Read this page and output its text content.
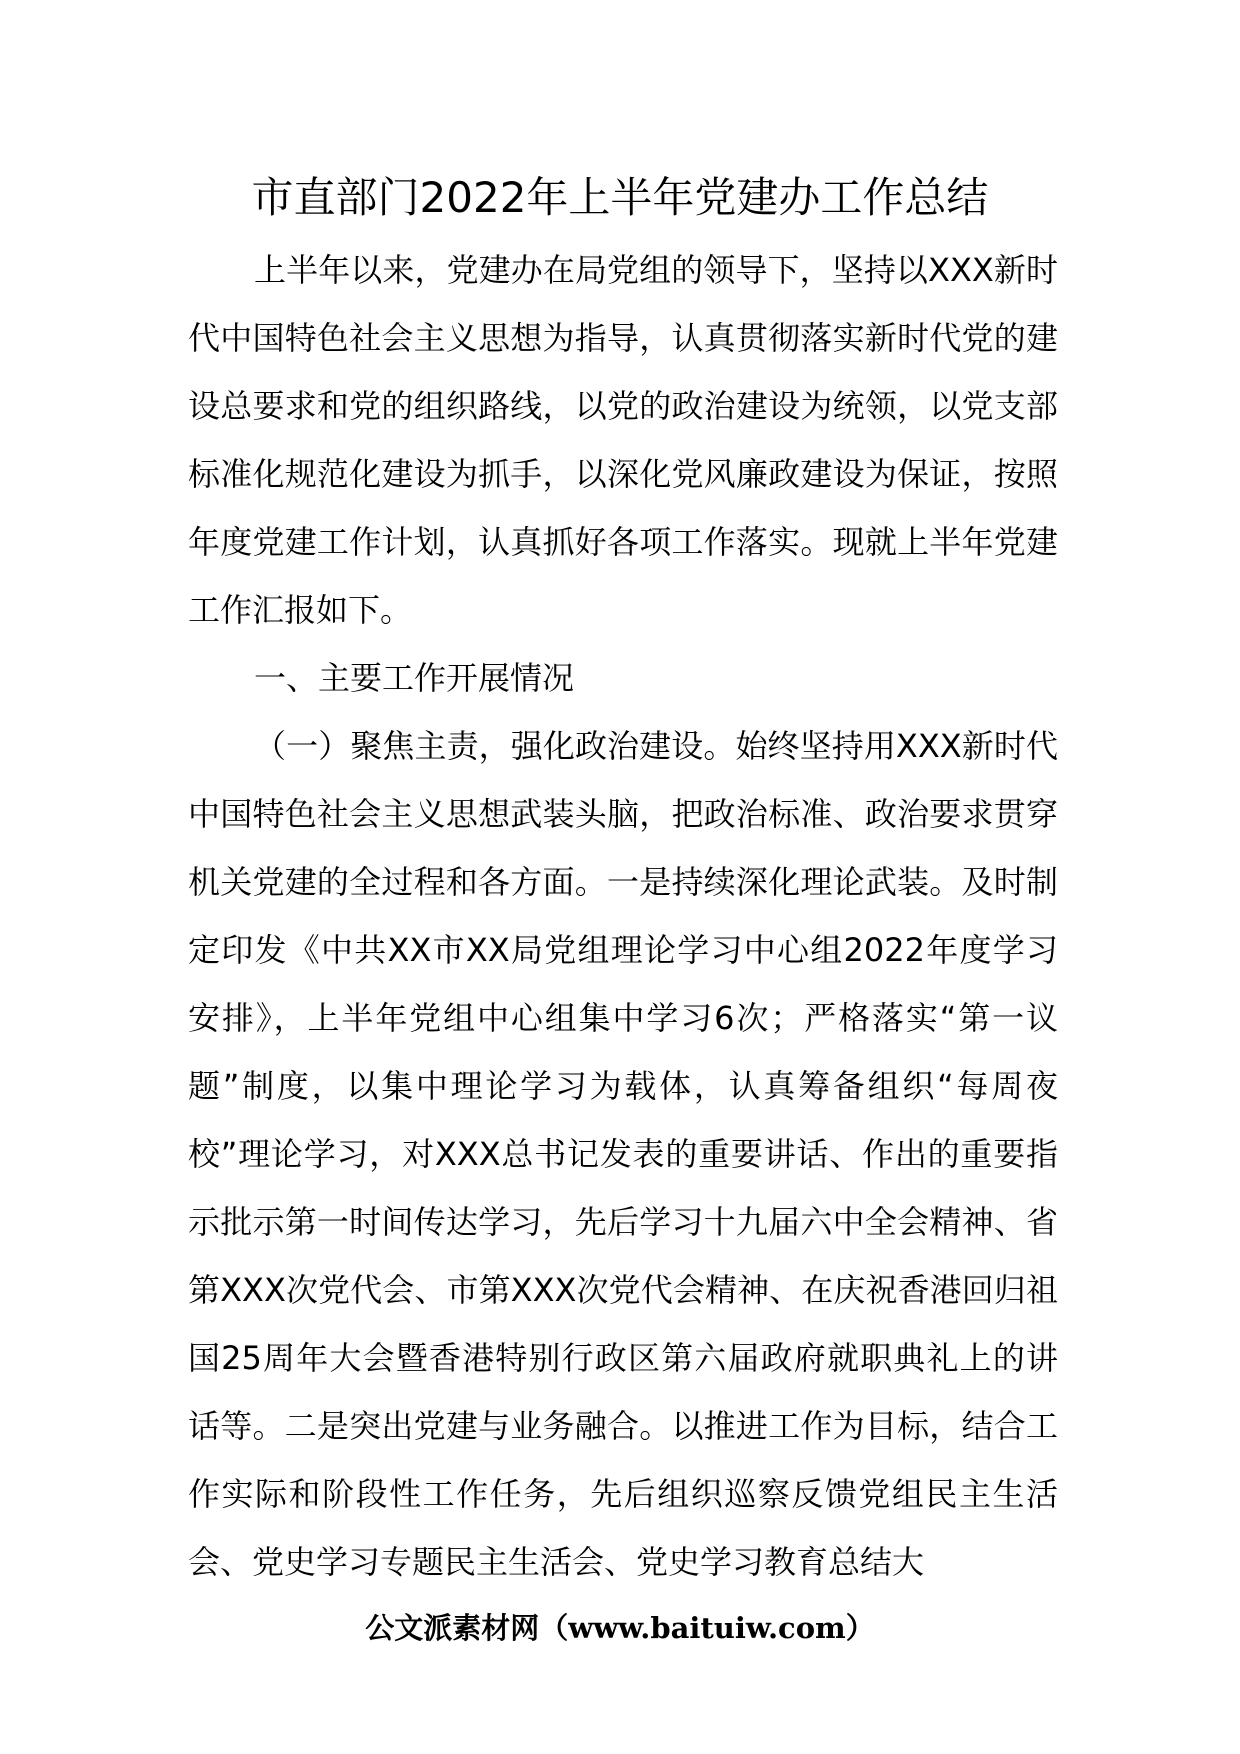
市直部门2022年上半年党建办工作总结

上半年以来，党建办在局党组的领导下，坚持以XXX新时代中国特色社会主义思想为指导，认真贯彻落实新时代党的建设总要求和党的组织路线，以党的政治建设为统领，以党支部标准化规范化建设为抓手，以深化党风廉政建设为保证，按照年度党建工作计划，认真抓好各项工作落实。现就上半年党建工作汇报如下。

一、主要工作开展情况

（一）聚焦主责，强化政治建设。始终坚持用XXX新时代中国特色社会主义思想武装头脑，把政治标准、政治要求贯穿机关党建的全过程和各方面。一是持续深化理论武装。及时制定印发《中共XX市XX局党组理论学习中心组2022年度学习安排》，上半年党组中心组集中学习6次；严格落实“第一议题”制度，以集中理论学习为载体，认真筹备组织“每周夜校”理论学习，对XXX总书记发表的重要讲话、作出的重要指示批示第一时间传达学习，先后学习十九届六中全会精神、省第XXX次党代会、市第XXX次党代会精神、在庆祝香港回归祖国25周年大会暨香港特别行政区第六届政府就职典礼上的讲话等。二是突出党建与业务融合。以推进工作为目标，结合工作实际和阶段性工作任务，先后组织巡察反馈党组民主生活会、党史学习专题民主生活会、党史学习教育总结大

公文派素材网（www.baituiw.com）
